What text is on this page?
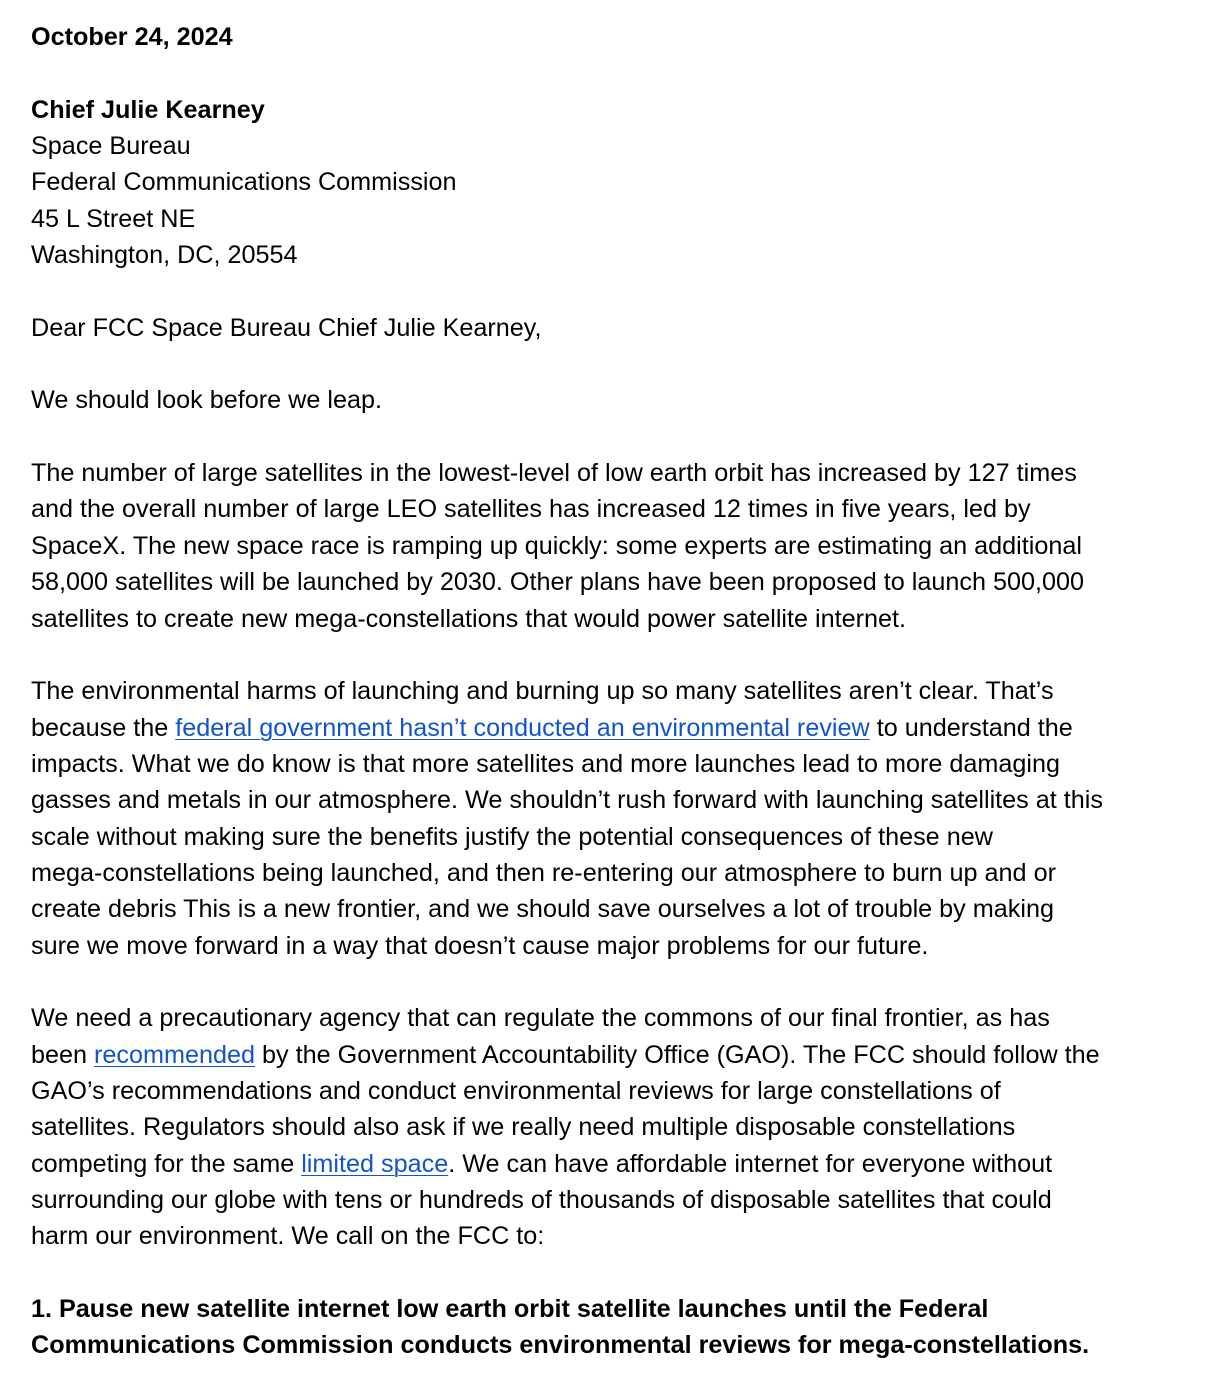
October 24, 2024
Chief Julie Kearney
Space Bureau
Federal Communications Commission
45 L Street NE
Washington, DC, 20554
Dear FCC Space Bureau Chief Julie Kearney,
We should look before we leap.
The number of large satellites in the lowest-level of low earth orbit has increased by 127 times
and the overall number of large LEO satellites has increased 12 times in five years, led by
SpaceX. The new space race is ramping up quickly: some experts are estimating an additional
58,000 satellites will be launched by 2030. Other plans have been proposed to launch 500,000
satellites to create new mega-constellations that would power satellite internet.
The environmental harms of launching and burning up so many satellites aren’t clear. That’s
because the federal government hasn’t conducted an environmental review to understand the
impacts. What we do know is that more satellites and more launches lead to more damaging
gasses and metals in our atmosphere. We shouldn’t rush forward with launching satellites at this
scale without making sure the benefits justify the potential consequences of these new
mega-constellations being launched, and then re-entering our atmosphere to burn up and or
create debris This is a new frontier, and we should save ourselves a lot of trouble by making
sure we move forward in a way that doesn’t cause major problems for our future.
We need a precautionary agency that can regulate the commons of our final frontier, as has
been recommended by the Government Accountability Office (GAO). The FCC should follow the
GAO’s recommendations and conduct environmental reviews for large constellations of
satellites. Regulators should also ask if we really need multiple disposable constellations
competing for the same limited space. We can have affordable internet for everyone without
surrounding our globe with tens or hundreds of thousands of disposable satellites that could
harm our environment. We call on the FCC to:
1. Pause new satellite internet low earth orbit satellite launches until the Federal
Communications Commission conducts environmental reviews for mega-constellations.
